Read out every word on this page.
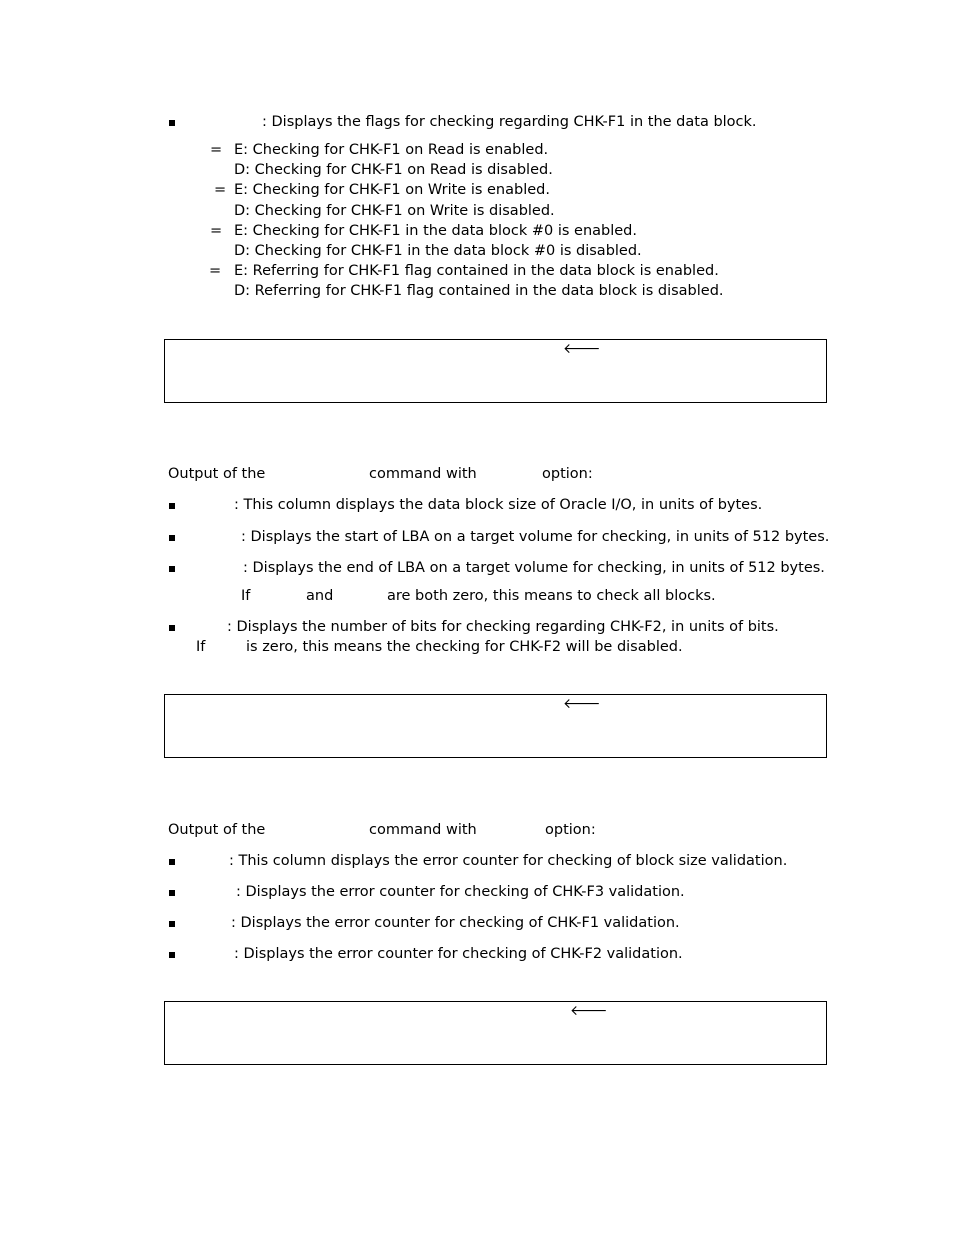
: Displays the flags for checking regarding CHK-F1 in the data block.
= E: Checking for CHK-F1 on Read is enabled.
D: Checking for CHK-F1 on Read is disabled.
= E: Checking for CHK-F1 on Write is enabled.
D: Checking for CHK-F1 on Write is disabled.
= E: Checking for CHK-F1 in the data block #0 is enabled.
D: Checking for CHK-F1 in the data block #0 is disabled.
= E: Referring for CHK-F1 flag contained in the data block is enabled.
D: Referring for CHK-F1 flag contained in the data block is disabled.
🡐
Output of the	command with	option:
: This column displays the data block size of Oracle I/O, in units of bytes.
: Displays the start of LBA on a target volume for checking, in units of 512 bytes.
: Displays the end of LBA on a target volume for checking, in units of 512 bytes.
If	and	are both zero, this means to check all blocks.
: Displays the number of bits for checking regarding CHK-F2, in units of bits.
If	is zero, this means the checking for CHK-F2 will be disabled.
🡐
Output of the	command with	option:
: This column displays the error counter for checking of block size validation.
: Displays the error counter for checking of CHK-F3 validation.
: Displays the error counter for checking of CHK-F1 validation.
: Displays the error counter for checking of CHK-F2 validation.
🡐
